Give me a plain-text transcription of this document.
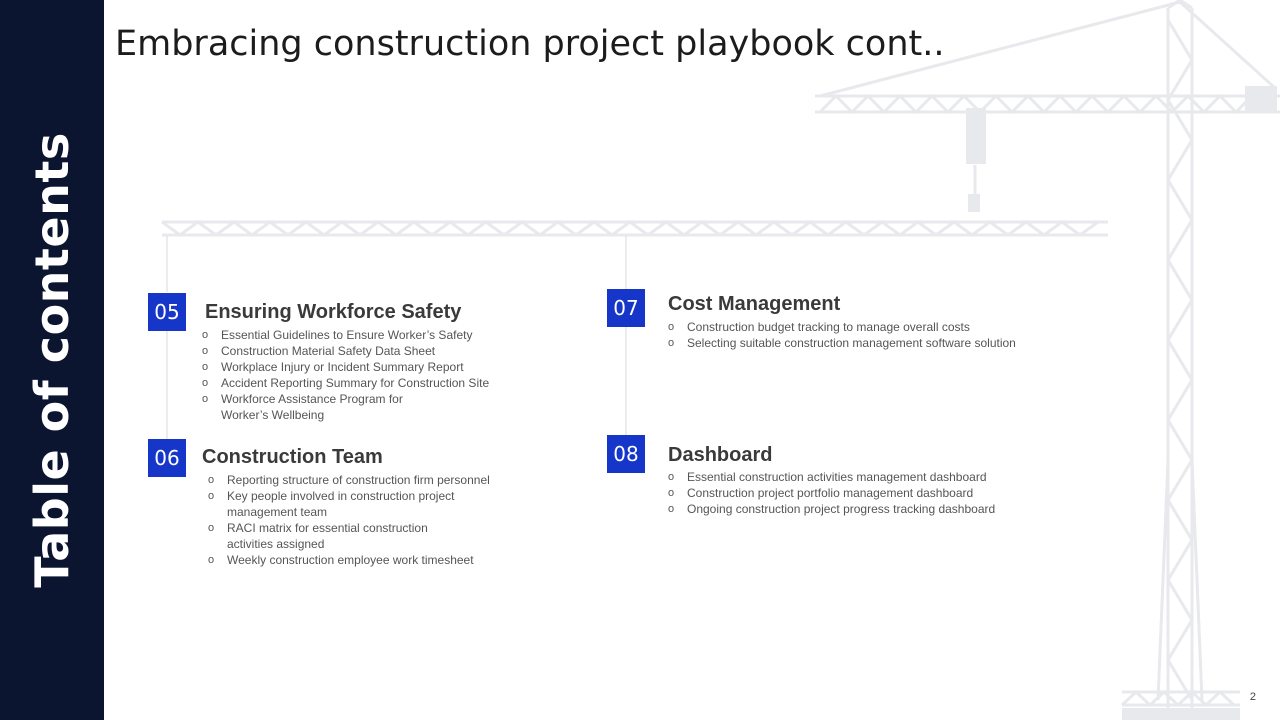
Table of contents
Embracing construction project playbook cont..
05	Ensuring Workforce Safety
o Essential Guidelines to Ensure Worker’s Safety
o Construction Material Safety Data Sheet
o Workplace Injury or Incident Summary Report
o Accident Reporting Summary for Construction Site
o Workforce Assistance Program for
Worker’s Wellbeing
06	Construction Team
o Reporting structure of construction firm personnel
o Key people involved in construction project
management team
o RACI matrix for essential construction
activities assigned
o Weekly construction employee work timesheet
07	Cost Management
o Construction budget tracking to manage overall costs
o Selecting suitable construction management software solution
08	Dashboard
o Essential construction activities management dashboard
o Construction project portfolio management dashboard
o Ongoing construction project progress tracking dashboard
2
